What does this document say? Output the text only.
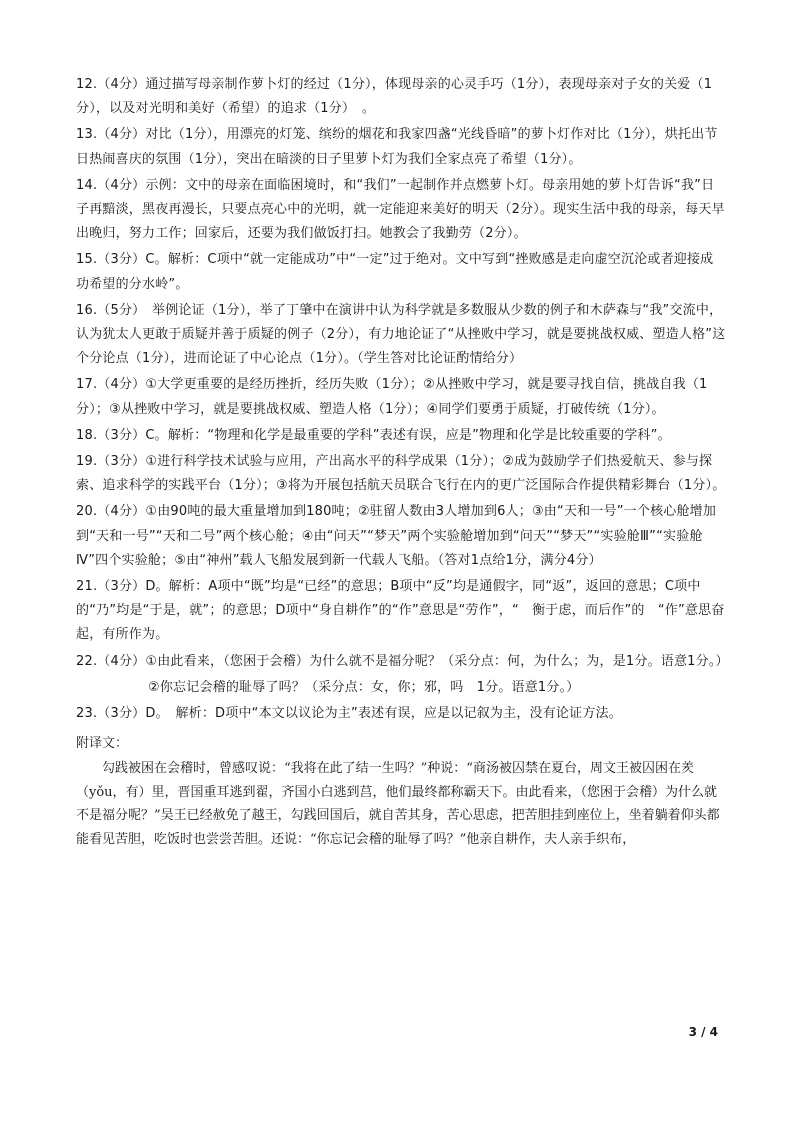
12.（4分）通过描写母亲制作萝卜灯的经过（1分），体现母亲的心灵手巧（1分），表现母亲对子女的关爱（1分），以及对光明和美好（希望）的追求（1分）　。

13.（4分）对比（1分），用漂亮的灯笼、缤纷的烟花和我家四盏“光线昏暗”的萝卜灯作对比（1分），烘托出节日热闹喜庆的氛围（1分），突出在暗淡的日子里萝卜灯为我们全家点亮了希望（1分）。

14.（4分）示例：文中的母亲在面临困境时，和“我们”一起制作并点燃萝卜灯。母亲用她的萝卜灯告诉“我”日子再黯淡，黑夜再漫长，只要点亮心中的光明，就一定能迎来美好的明天（2分）。现实生活中我的母亲，每天早出晚归，努力工作；回家后，还要为我们做饭打扫。她教会了我勤劳（2分）。

15.（3分）C。解析：C项中“就一定能成功”中“一定”过于绝对。文中写到“挫败感是走向虚空沉沦或者迎接成功希望的分水岭”。

16.（5分）　举例论证（1分），举了丁肇中在演讲中认为科学就是多数服从少数的例子和木萨森与“我”交流中，认为犹太人更敢于质疑并善于质疑的例子（2分），有力地论证了“从挫败中学习，就是要挑战权威、塑造人格”这个分论点（1分），进而论证了中心论点（1分）。（学生答对比论证酌情给分）

17.（4分）①大学更重要的是经历挫折，经历失败（1分）；②从挫败中学习，就是要寻找自信，挑战自我（1分）；③从挫败中学习，就是要挑战权威、塑造人格（1分）；④同学们要勇于质疑，打破传统（1分）。

18.（3分）C。解析：“物理和化学是最重要的学科”表述有误，应是”物理和化学是比较重要的学科”。

19.（3分）①进行科学技术试验与应用，产出高水平的科学成果（1分）；②成为鼓励学子们热爱航天、参与探索、追求科学的实践平台（1分）；③将为开展包括航天员联合飞行在内的更广泛国际合作提供精彩舞台（1分）。

20.（4分）①由90吨的最大重量增加到180吨；②驻留人数由3人增加到6人；③由“天和一号”一个核心舱增加到“天和一号”“天和二号”两个核心舱；④由“问天”“梦天”两个实验舱增加到“问天”“梦天”“实验舱Ⅲ”“实验舱Ⅳ”四个实验舱；⑤由“神州”载人飞船发展到新一代载人飞船。（答对1点给1分，满分4分）

21.（3分）D。解析：A项中“既”均是“已经”的意思；B项中“反”均是通假字，同“返”，返回的意思；C项中的“乃”均是“于是，就”；的意思；D项中“身自耕作”的“作”意思是“劳作”，“　衡于虑，而后作”的　“作”意思奋起，有所作为。

22.（4分）①由此看来，（您困于会稽）为什么就不是福分呢？（采分点：何，为什么；为，是1分。语意1分。）

②你忘记会稽的耻辱了吗？（采分点：女，你；邪，吗　1分。语意1分。）

23.（3分）D。　解析：D项中“本文以议论为主”表述有误，应是以记叙为主，没有论证方法。

附译文：

勾践被困在会稽时，曾感叹说：“我将在此了结一生吗？”种说：“商汤被囚禁在夏台，周文王被囚困在羑（yǒu，有）里，晋国重耳逃到翟，齐国小白逃到莒，他们最终都称霸天下。由此看来，（您困于会稽）为什么就不是福分呢？”吴王已经赦免了越王，勾践回国后，就自苦其身，苦心思虑，把苦胆挂到座位上，坐着躺着仰头都能看见苦胆，吃饭时也尝尝苦胆。还说：“你忘记会稽的耻辱了吗？”他亲自耕作，夫人亲手织布，

3 / 4
